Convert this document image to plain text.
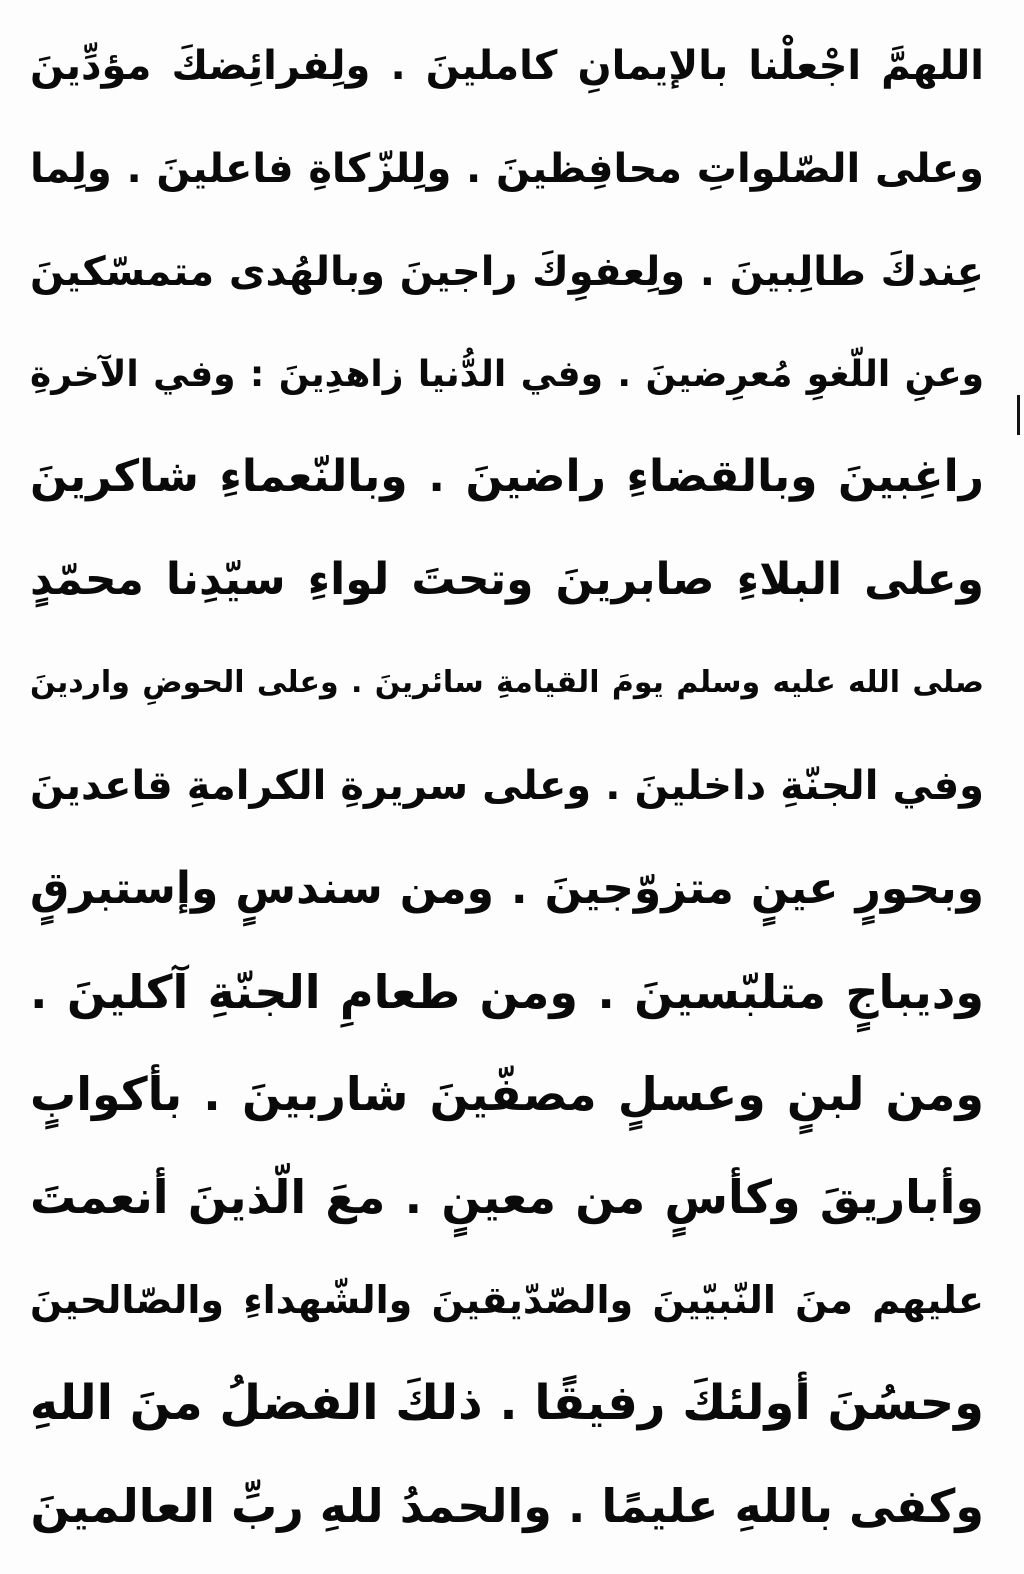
اللهمَّ اجْعلْنا بالإيمانِ كاملينَ . ولِفرائِضكَ مؤدِّينَ
وعلى الصّلواتِ محافِظينَ . ولِلزّكاةِ فاعلينَ . ولِما
عِندكَ طالِبينَ . ولِعفوِكَ راجينَ وبالهُدى متمسّكينَ
وعنِ اللّغوِ مُعرِضينَ . وفي الدُّنيا زاهدِينَ : وفي الآخرةِ
راغِبينَ وبالقضاءِ راضينَ . وبالنّعماءِ شاكرينَ
وعلى البلاءِ صابرينَ وتحتَ لواءِ سيّدِنا محمّدٍ
صلى الله عليه وسلم يومَ القيامةِ سائرينَ . وعلى الحوضِ واردينَ
وفي الجنّةِ داخلينَ . وعلى سريرةِ الكرامةِ قاعدينَ
وبحورٍ عينٍ متزوّجينَ . ومن سندسٍ وإستبرقٍ
وديباجٍ متلبّسينَ . ومن طعامِ الجنّةِ آكلينَ .
ومن لبنٍ وعسلٍ مصفّينَ شاربينَ . بأكوابٍ
وأباريقَ وكأسٍ من معينٍ . معَ الّذينَ أنعمتَ
عليهم منَ النّبيّينَ والصّدّيقينَ والشّهداءِ والصّالحينَ
وحسُنَ أولئكَ رفيقًا . ذلكَ الفضلُ منَ اللهِ
وكفى باللهِ عليمًا . والحمدُ للهِ ربِّ العالمينَ
